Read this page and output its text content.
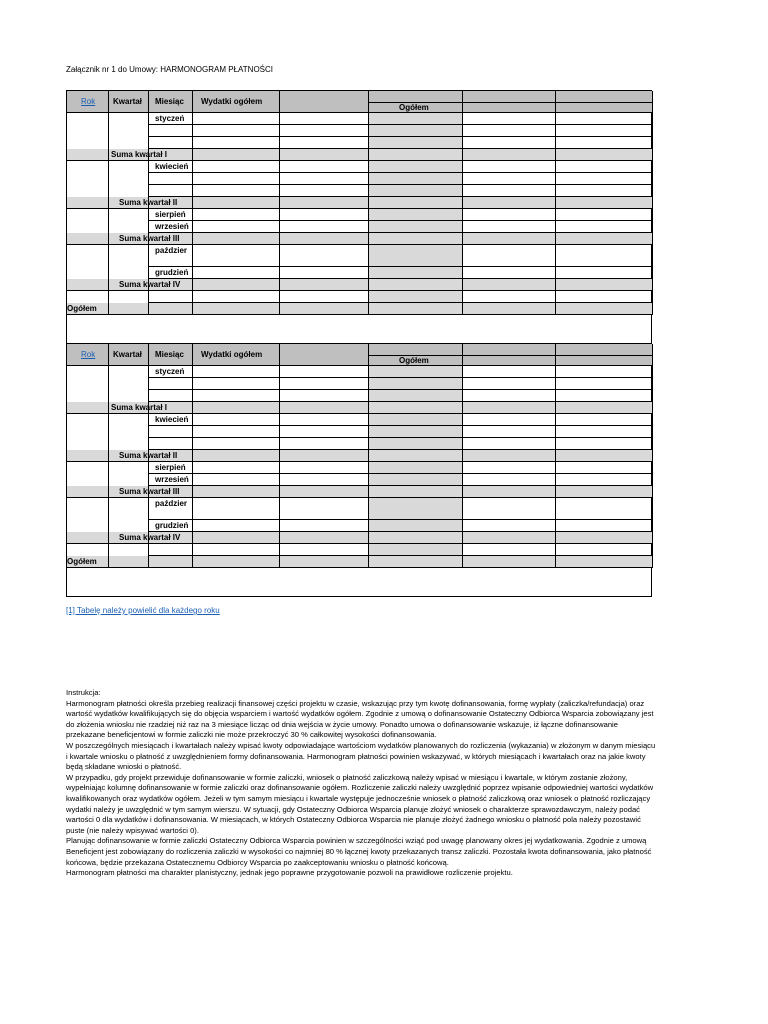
Załącznik nr 1 do Umowy: HARMONOGRAM PŁATNOŚCI
Rok Kwartał Miesiąc Wydatki ogółem
Ogółem
styczeń
Suma kwartał I
kwiecień
Suma kwartał II
sierpień
wrzesień
Suma kwartał III
paździer
grudzień
Suma kwartał IV
Ogółem
Rok Kwartał Miesiąc Wydatki ogółem
Ogółem
styczeń
Suma kwartał I
kwiecień
Suma kwartał II
sierpień
wrzesień
Suma kwartał III
paździer
grudzień
Suma kwartał IV
Ogółem
[1] Tabelę należy powielić dla każdego roku

Instrukcja:

Harmonogram płatności określa przebieg realizacji finansowej części projektu w czasie, wskazując przy tym kwotę dofinansowania, formę wypłaty (zaliczka/refundacja) oraz wartość wydatków kwalifikujących się do objęcia wsparciem i wartość wydatków ogółem. Zgodnie z umową o dofinansowanie Ostateczny Odbiorca Wsparcia zobowiązany jest do złożenia wniosku nie rzadziej niż raz na 3 miesiące licząc od dnia wejścia w życie umowy. Ponadto umowa o dofinansowanie wskazuje, iż łączne dofinansowanie przekazane beneficjentowi w formie zaliczki nie może przekroczyć 30 % całkowitej wysokości dofinansowania.

W poszczególnych miesiącach i kwartałach należy wpisać kwoty odpowiadające wartościom wydatków planowanych do rozliczenia (wykazania) w złożonym w danym miesiącu i kwartale wniosku o płatność z uwzględnieniem formy dofinansowania. Harmonogram płatności powinien wskazywać, w których miesiącach i kwartałach oraz na jakie kwoty będą składane wnioski o płatność.

W przypadku, gdy projekt przewiduje dofinansowanie w formie zaliczki, wniosek o płatność zaliczkową należy wpisać w miesiącu i kwartale, w którym zostanie złożony, wypełniając kolumnę dofinansowanie w formie zaliczki oraz dofinansowanie ogółem. Rozliczenie zaliczki należy uwzględnić poprzez wpisanie odpowiedniej wartości wydatków kwalifikowanych oraz wydatków ogółem. Jeżeli w tym samym miesiącu i kwartale występuje jednocześnie wniosek o płatność zaliczkową oraz wniosek o płatność rozliczający wydatki należy je uwzględnić w tym samym wierszu. W sytuacji, gdy Ostateczny Odbiorca Wsparcia planuje złożyć wniosek o charakterze sprawozdawczym, należy podać wartości 0 dla wydatków i dofinansowania. W miesiącach, w których Ostateczny Odbiorca Wsparcia nie planuje złożyć żadnego wniosku o płatność pola należy pozostawić puste (nie należy wpisywać wartości 0).

Planując dofinansowanie w formie zaliczki Ostateczny Odbiorca Wsparcia powinien w szczególności wziąć pod uwagę planowany okres jej wydatkowania. Zgodnie z umową Beneficjent jest zobowiązany do rozliczenia zaliczki w wysokości co najmniej 80 % łącznej kwoty przekazanych transz zaliczki. Pozostała kwota dofinansowania, jako płatność końcowa, będzie przekazana Ostatecznemu Odbiorcy Wsparcia po zaakceptowaniu wniosku o płatność końcową.

Harmonogram płatności ma charakter planistyczny, jednak jego poprawne przygotowanie pozwoli na prawidłowe rozliczenie projektu.
